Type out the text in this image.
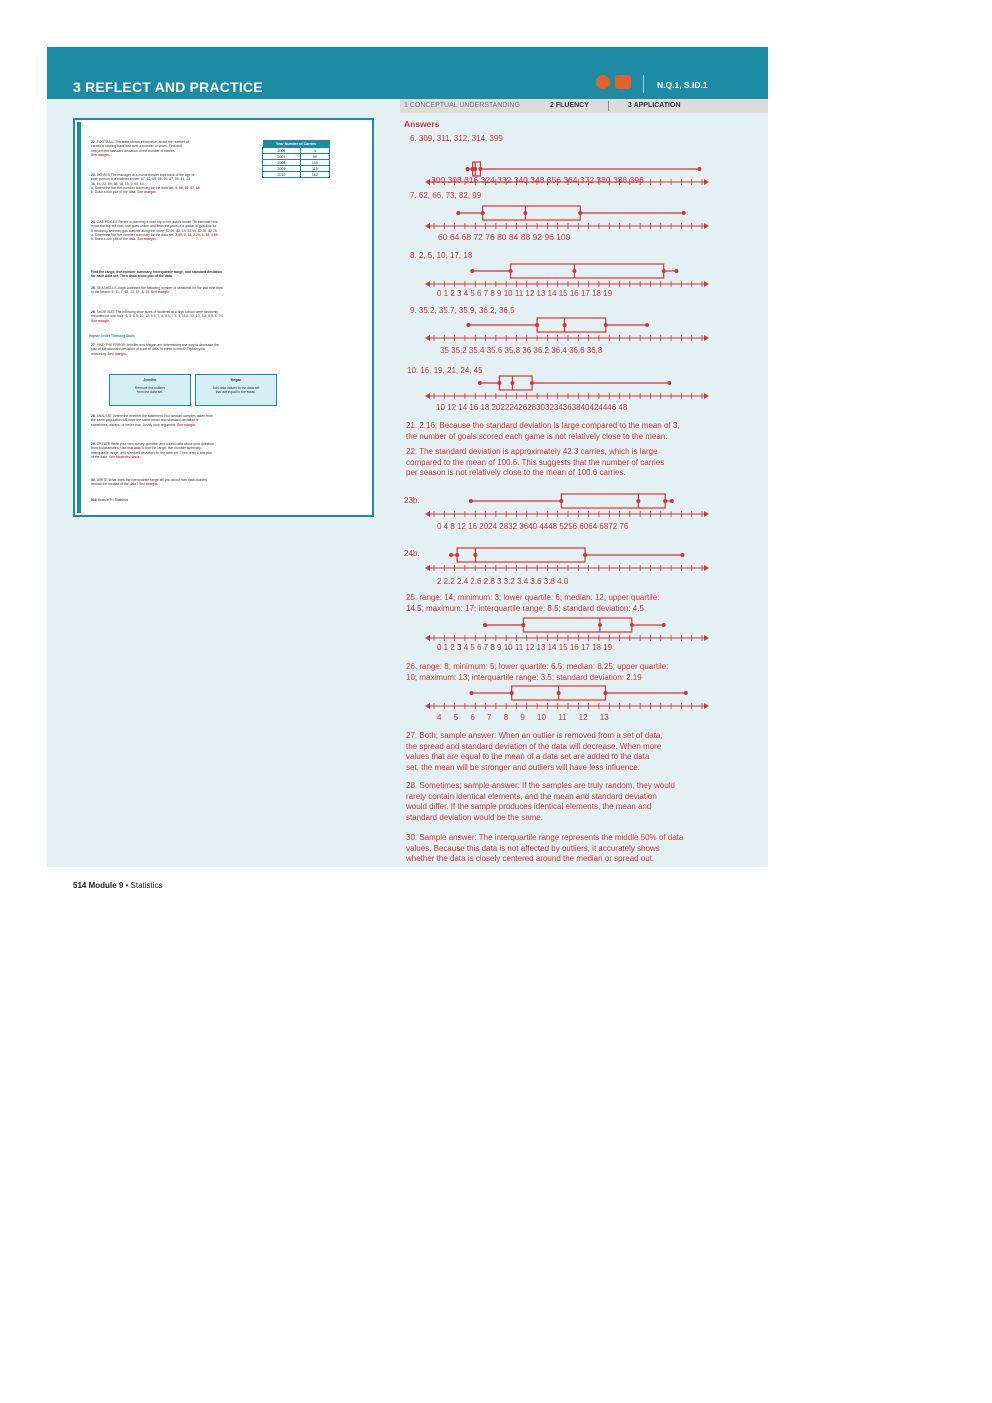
3 REFLECT AND PRACTICE	N.Q.1, S.ID.1
1 CONCEPTUAL UNDERSTANDING	2 FLUENCY	3 APPLICATION
22. FOOTBALL The table shows information about the number of
carries a running back had over a number of years. Find and
interpret the standard deviation of the number of carries.
See margin.
Year Number of Carries	
2006	3
2007	90
2008	105
2009	115
2010	162
23. MOVIES The manager at a movie theater kept track of the age of
each person in a matinee movie: 67, 62, 65, 38, 69, 67, 59, 41, 43,
36, 45, 22, 69, 68, 18, 15, 9, 60, 64.
a. Determine the five-number summary for the data set. 9, 36, 59, 67, 69
b. Draw a box plot of the data. See margin.
24. GAS PRICES Renee is planning a road trip to her aunt's house. To estimate how
much the trip will cost, she goes online and finds the price of a gallon of gasoline for
5 randomly selected gas stations along the route: $2.69, $2, 19, $3.99, $2.39, $2.29.
a. Determine the five-number summary for the data set. 2.09, 2, 14, 2.29, 3, 19, 3.99
b. Draw a box plot of the data. See margin.
Find the range, five-number summary, interquartile range, and standard deviation
for each data set. Then draw a box plot of the data.
25. SEASHELLS Jorge collected the following number of seashells for the last nine trips
to the beach: 5, 11, 7, 12, 13, 17, 3, 15. See margin.
26. SHOE SIZE The following shoe sizes of students at a high school were randomly
recorded for one hour: 6, 8, 8.5, 10, 12, 6.5, 7, 8, 8.5, 7.5, 9, 11.5, 10, 13, 5.5, 6.5, 5, 9.5.
See margin.
Higher-Order Thinking Skills
27. FIND THE ERROR Jennifer and Megan are determining one way to decrease the
size of the standard deviation of a set of data. Is either correct? Explain your
reasoning. See margin.
Jennifer
Remove the outliers
from the data set.
Megan
Add data values to the data set
that are equal to the mean.
28. ANALYZE Determine whether the statement Two random samples taken from
the same population will have the same mean and standard deviation is
sometimes, always, or never true. Justify your argument. See margin.
29. CREATE Write your own survey question and collect data about your question
from 8 classmates. Use that data to find the range, five-number summary,
interquartile range, and standard deviation for the data set. Then draw a box plot
of the data. See students' work.
30. WRITE What does the interquartile range tell you about how data clusters
around the median of the data? See margin.
516 Module 9 • Statistics
Answers
6. 309, 311, 312, 314, 399
300 308 316 324 332 340 348 356 364 372 380 388 396
7. 62, 66, 73, 82, 99
60 64 68 72 76 80 84 88 92 96 100
8. 2, 5, 10, 17, 18
0 1 2 3 4 5 6 7 8 9 10 11 12 13 14 15 16 17 18 19
9. 35.2, 35.7, 35.9, 36.2, 36.5
35 35.2 35.4 35.6 35.8 36 36.2 36.4 36.6 36.8
10. 16, 19, 21, 24, 45
10 12 14 16 18 2022242628303234363840424446 48
21. 2.16; Because the standard deviation is large compared to the mean of 3,
the number of goals scored each game is not relatively close to the mean.
22. The standard deviation is approximately 42.3 carries, which is large
compared to the mean of 100.6. This suggests that the number of carries
per season is not relatively close to the mean of 100.6 carries.
23b.
0 4 8 12 16 2024 2832 3640 4448 5256 6064 6872 76
24b.
2 2.2 2.4 2.6 2.8 3 3.2 3.4 3.6 3.8 4.0
25. range: 14; minimum: 3; lower quartile: 6; median: 12; upper quartile:
14.5; maximum: 17; interquartile range: 8.5; standard deviation: 4.5
0 1 2 3 4 5 6 7 8 9 10 11 12 13 14 15 16 17 18 19
26. range: 8; minimum: 5; lower quartile: 6.5; median: 8.25; upper quartile:
10; maximum: 13; interquartile range: 3.5; standard deviation: 2.19
4 5 6 7 8 9 10 11 12 13
27. Both; sample answer: When an outlier is removed from a set of data,
the spread and standard deviation of the data will decrease. When more
values that are equal to the mean of a data set are added to the data
set, the mean will be stronger and outliers will have less influence.
28. Sometimes; sample answer: If the samples are truly random, they would
rarely contain identical elements, and the mean and standard deviation
would differ. If the sample produces identical elements, the mean and
standard deviation would be the same.
30. Sample answer: The interquartile range represents the middle 50% of data
values. Because this data is not affected by outliers, it accurately shows
whether the data is closely centered around the median or spread out.
514 Module 9 • Statistics
